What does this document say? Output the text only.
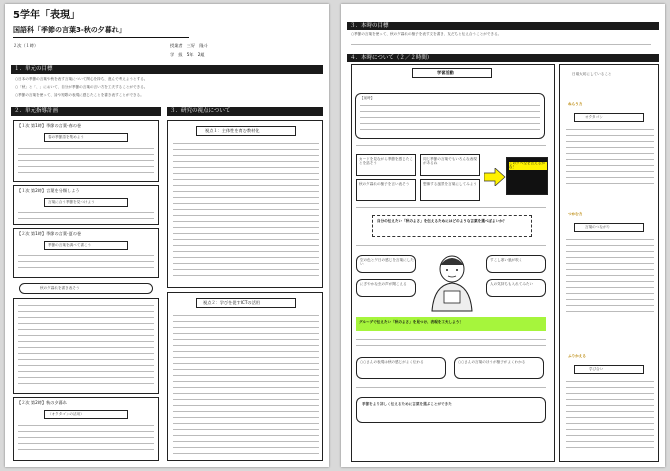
5学年「表現」
国語科「季節の言葉3-秋の夕暮れ」
２次（１時）	授業者　三好　隆斗
学　級　5年　2組
１．単元の目標
○日本の季節の言葉や秋を表す言葉について関心を持ち、進んで考えようとする。
○「秋」と「、」において、自分が季節の言葉の言い方を工夫することができる。
○季節の言葉を使って、詩や短歌の表現に感じたことを書き表すことができる。
２．単元指導計画	３．研究の視点について
【１次 第1時】季節の言葉-春の巻
春の季節語を集めよう
【１次 第2時】言葉を分類しよう
言葉に合う季節を見つけよう
【２次 第1時】季節の言葉-夏の巻
季節の言葉を調べて書こう
秋の夕暮れを書き表そう
【２次 第2時】秋の夕暮れ
（オクタゴンの活用）
視点１：主体性を育む教材化
視点２：学びを促すICTの活用
３．本時の目標
○季節の言葉を使って、秋の夕暮れの様子を表す文を書き、友だちと伝え合うことができる。
４．本時について（２／２時間）
学習活動
【前時】
カードを見ながら季節を感じたことを話そう
同じ季節の言葉でもいろんな表現があるね
秋の夕暮れの様子を言い表そう	想像する風景を言葉にしてみよう
この夕べ空を言えるかな！
自分の伝えたい「秋のよさ」を伝えるためにはどのような言葉を選べばよいか？
空の色と夕日の感じを言葉にしたい
にぎやかな虫の声が聞こえる
すこし寒い風が吹く
人の気持ちも入れてみたい
グループで伝えたい「秋のよさ」を見つけ、表現を工夫しよう！
○○さんの表現は秋の感じがよく伝わる	○○さんの言葉のほうが様子がよくわかる
季節をより詳しく伝えるために言葉を選ぶことができた
日頃大切にしていること
ねらう力
オクタゴン
つかむ力
言葉のつながり
ふりかえる
学び合い
